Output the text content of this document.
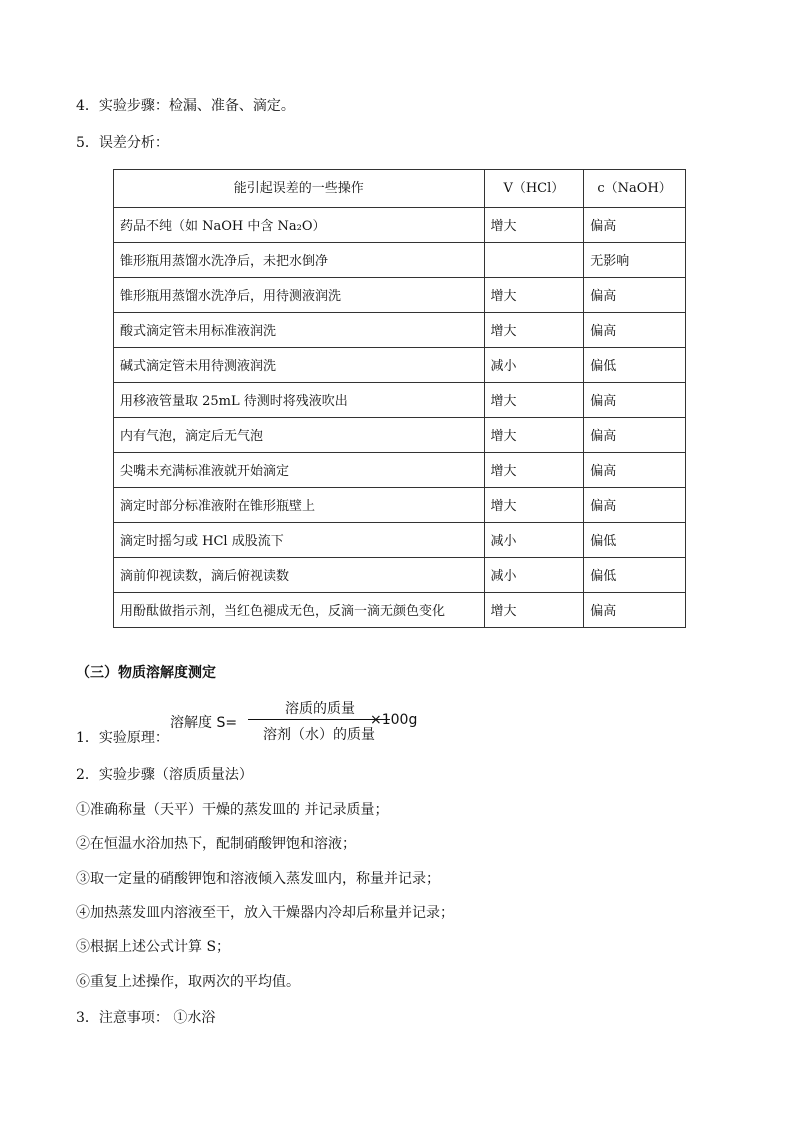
4．实验步骤：检漏、准备、滴定。
5．误差分析：
能引起误差的一些操作	V（HCl）	c（NaOH）
药品不纯（如 NaOH 中含 Na₂O）	增大	偏高
锥形瓶用蒸馏水洗净后，未把水倒净		无影响
锥形瓶用蒸馏水洗净后，用待测液润洗	增大	偏高
酸式滴定管未用标准液润洗	增大	偏高
碱式滴定管未用待测液润洗	减小	偏低
用移液管量取 25mL 待测时将残液吹出	增大	偏高
内有气泡，滴定后无气泡	增大	偏高
尖嘴未充满标准液就开始滴定	增大	偏高
滴定时部分标准液附在锥形瓶壁上	增大	偏高
滴定时摇匀或 HCl 成股流下	减小	偏低
滴前仰视读数，滴后俯视读数	减小	偏低
用酚酞做指示剂，当红色褪成无色，反滴一滴无颜色变化	增大	偏高
（三）物质溶解度测定
溶解度 S=
溶质的质量
溶剂（水）的质量
×100g
1．实验原理：
2．实验步骤（溶质质量法）
①准确称量（天平）干燥的蒸发皿的 并记录质量；
②在恒温水浴加热下，配制硝酸钾饱和溶液；
③取一定量的硝酸钾饱和溶液倾入蒸发皿内，称量并记录；
④加热蒸发皿内溶液至干，放入干燥器内冷却后称量并记录；
⑤根据上述公式计算 S；
⑥重复上述操作，取两次的平均值。
3．注意事项： ①水浴
